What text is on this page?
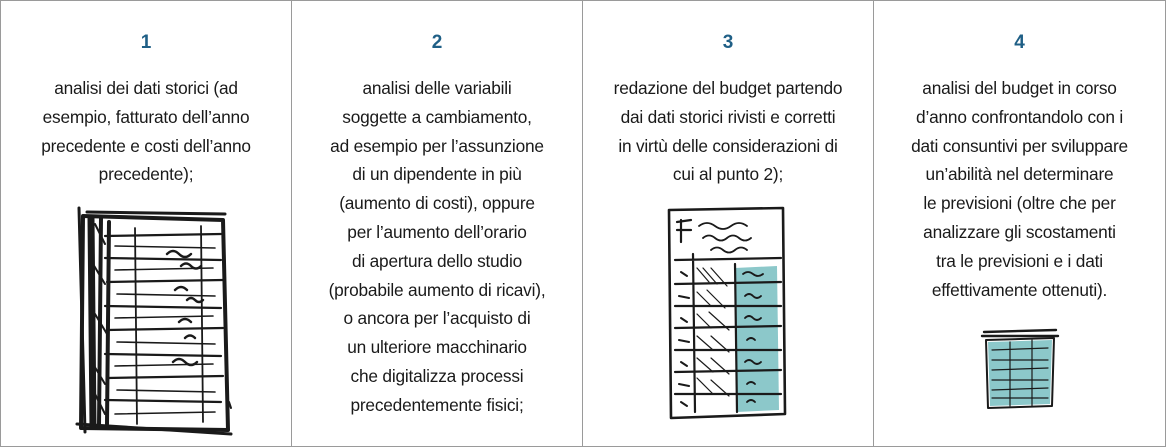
1
analisi dei dati storici (ad
esempio, fatturato dell’anno
precedente e costi dell’anno
precedente);
2
analisi delle variabili
soggette a cambiamento,
ad esempio per l’assunzione
di un dipendente in più
(aumento di costi), oppure
per l’aumento dell’orario
di apertura dello studio
(probabile aumento di ricavi),
o ancora per l’acquisto di
un ulteriore macchinario
che digitalizza processi
precedentemente fisici;
3
redazione del budget partendo
dai dati storici rivisti e corretti
in virtù delle considerazioni di
cui al punto 2);
4
analisi del budget in corso
d’anno confrontandolo con i
dati consuntivi per sviluppare
un’abilità nel determinare
le previsioni (oltre che per
analizzare gli scostamenti
tra le previsioni e i dati
effettivamente ottenuti).
